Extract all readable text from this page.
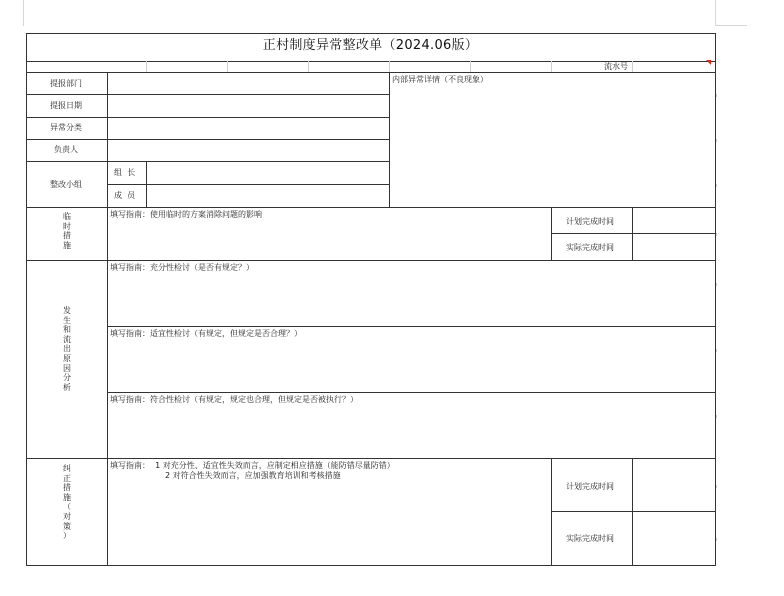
正村制度异常整改单（2024.06版）
流水号
提报部门
提报日期
异常分类
负责人
整改小组
组  长
成  员
内部异常详情（不良现象）
临
时
措
施
填写指南：使用临时的方案消除问题的影响
计划完成时间
实际完成时间
发
生
和
流
出
原
因
分
析
填写指南：充分性检讨（是否有规定？）
填写指南：适宜性检讨（有规定，但规定是否合理？）
填写指南：符合性检讨（有规定，规定也合理，但规定是否被执行？）
纠
正
措
施
（
对
策
）
填写指南：  1 对充分性、适宜性失效而言，应制定相应措施（能防错尽量防错）
2 对符合性失效而言，应加强教育培训和考核措施
计划完成时间
实际完成时间
